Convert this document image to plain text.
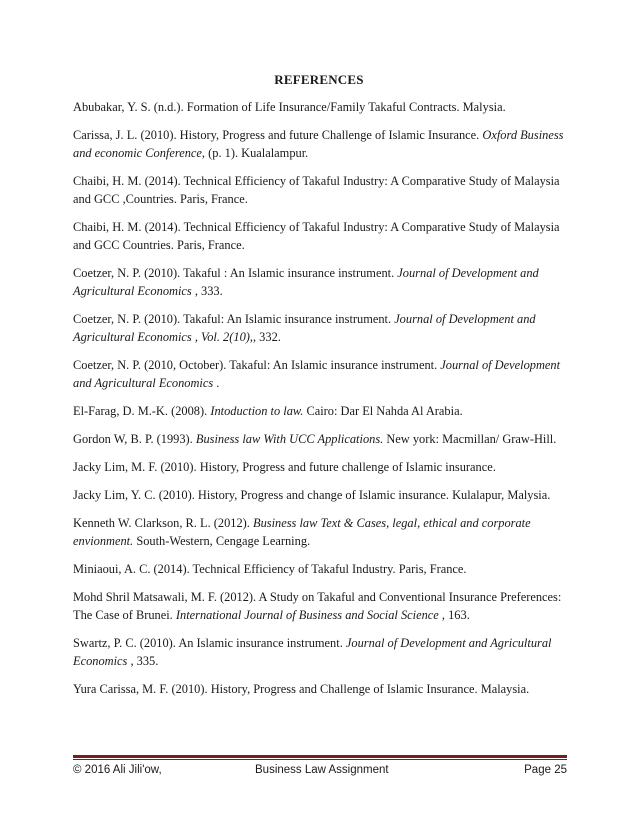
REFERENCES

Abubakar, Y. S. (n.d.). Formation of Life Insurance/Family Takaful Contracts. Malysia.

Carissa, J. L. (2010). History, Progress and future Challenge of Islamic Insurance. Oxford Business and economic Conference, (p. 1). Kualalampur.

Chaibi, H. M. (2014). Technical Efficiency of Takaful Industry: A Comparative Study of Malaysia and GCC ,Countries. Paris, France.

Chaibi, H. M. (2014). Technical Efficiency of Takaful Industry: A Comparative Study of Malaysia and GCC Countries. Paris, France.

Coetzer, N. P. (2010). Takaful : An Islamic insurance instrument. Journal of Development and Agricultural Economics , 333.

Coetzer, N. P. (2010). Takaful: An Islamic insurance instrument. Journal of Development and Agricultural Economics , Vol. 2(10),, 332.

Coetzer, N. P. (2010, October). Takaful: An Islamic insurance instrument. Journal of Development and Agricultural Economics .

El-Farag, D. M.-K. (2008). Intoduction to law. Cairo: Dar El Nahda Al Arabia.

Gordon W, B. P. (1993). Business law With UCC Applications. New york: Macmillan/ Graw-Hill.

Jacky Lim, M. F. (2010). History, Progress and future challenge of Islamic insurance.

Jacky Lim, Y. C. (2010). History, Progress and change of Islamic insurance. Kulalapur, Malysia.

Kenneth W. Clarkson, R. L. (2012). Business law Text & Cases, legal, ethical and corporate envionment. South-Western, Cengage Learning.

Miniaoui, A. C. (2014). Technical Efficiency of Takaful Industry. Paris, France.

Mohd Shril Matsawali, M. F. (2012). A Study on Takaful and Conventional Insurance Preferences: The Case of Brunei. International Journal of Business and Social Science , 163.

Swartz, P. C. (2010). An Islamic insurance instrument. Journal of Development and Agricultural Economics , 335.

Yura Carissa, M. F. (2010). History, Progress and Challenge of Islamic Insurance. Malaysia.

© 2016 Ali Jili'ow,	Business Law Assignment	Page 25
